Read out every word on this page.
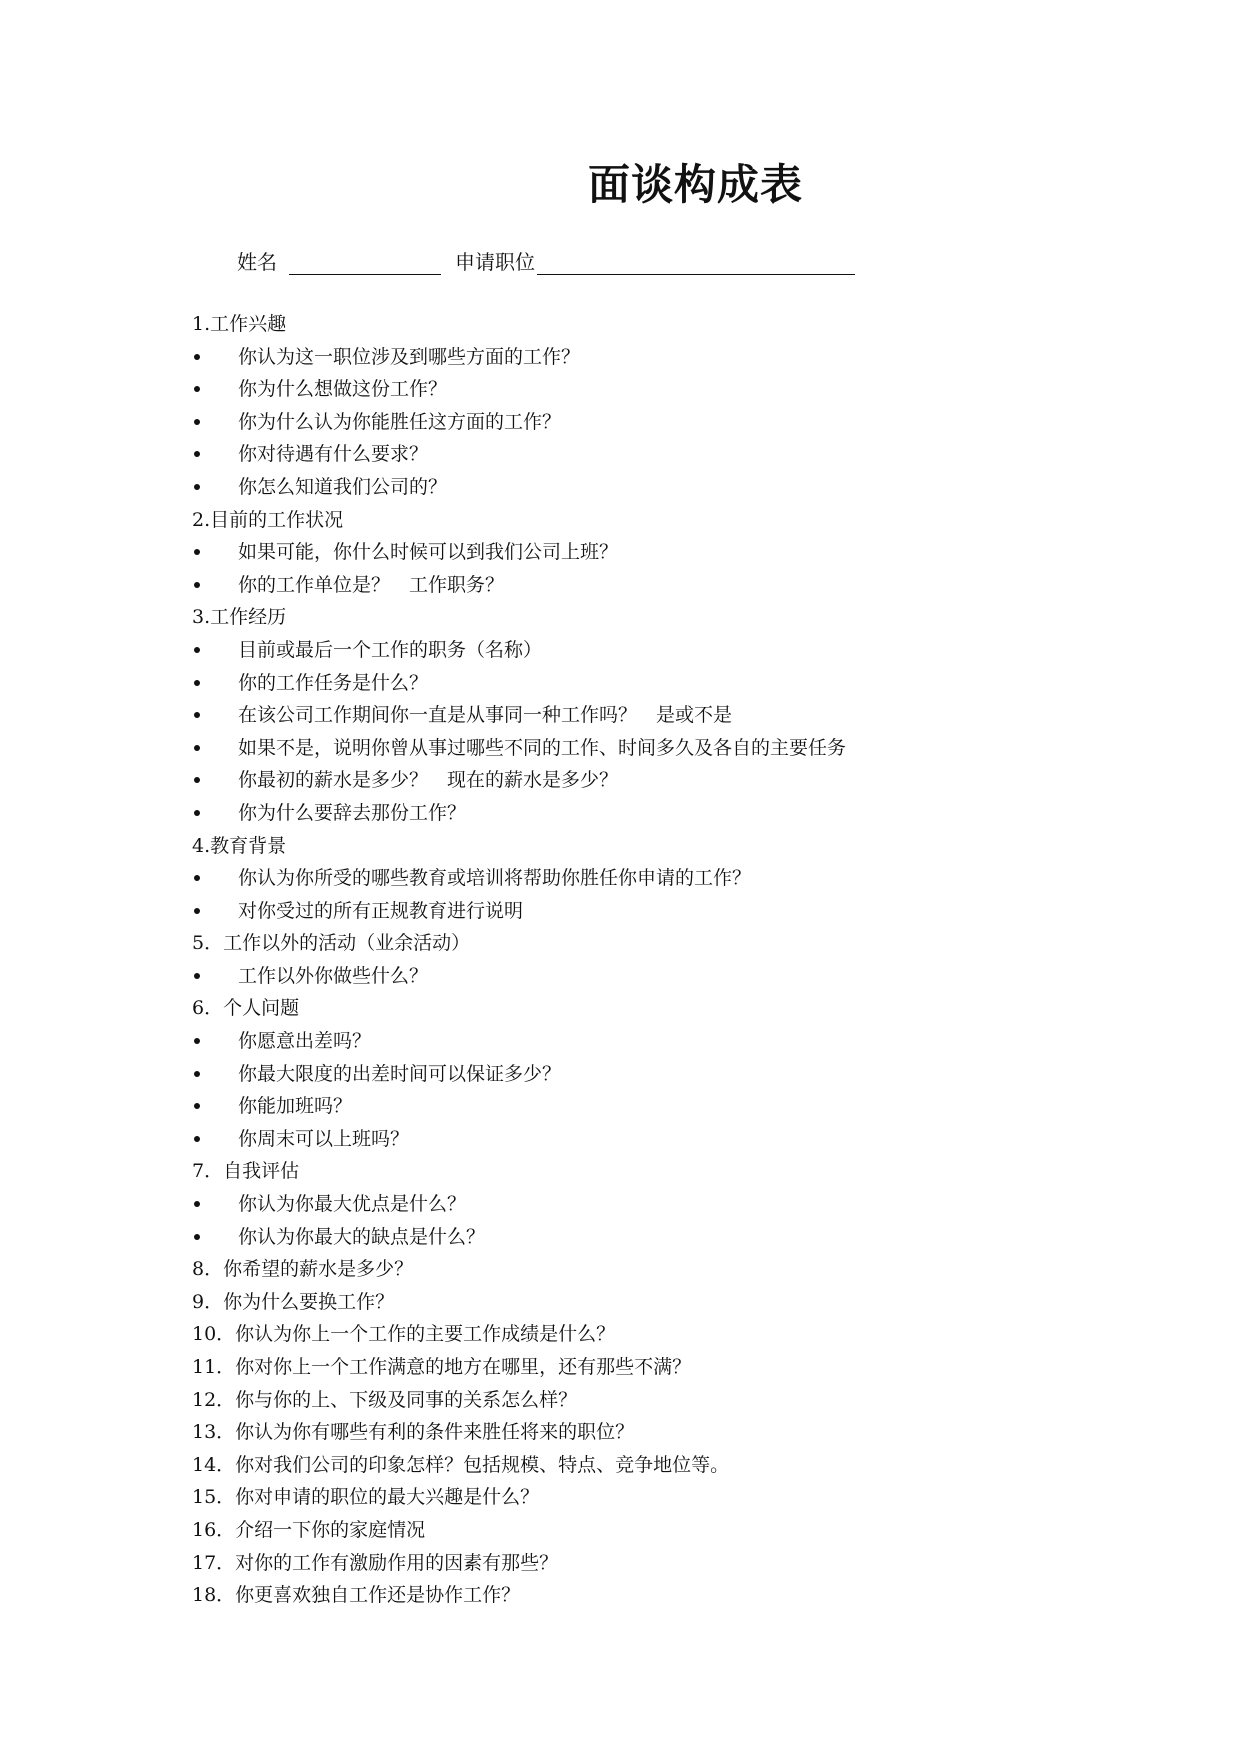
面谈构成表
姓名	申请职位
1.工作兴趣
你认为这一职位涉及到哪些方面的工作？
你为什么想做这份工作？
你为什么认为你能胜任这方面的工作？
你对待遇有什么要求？
你怎么知道我们公司的？
2.目前的工作状况
如果可能，你什么时候可以到我们公司上班？
你的工作单位是？　工作职务？
3.工作经历
目前或最后一个工作的职务（名称）
你的工作任务是什么？
在该公司工作期间你一直是从事同一种工作吗？　是或不是
如果不是，说明你曾从事过哪些不同的工作、时间多久及各自的主要任务
你最初的薪水是多少？　现在的薪水是多少？
你为什么要辞去那份工作？
4.教育背景
你认为你所受的哪些教育或培训将帮助你胜任你申请的工作？
对你受过的所有正规教育进行说明
5．工作以外的活动（业余活动）
工作以外你做些什么？
6．个人问题
你愿意出差吗？
你最大限度的出差时间可以保证多少？
你能加班吗？
你周末可以上班吗？
7．自我评估
你认为你最大优点是什么？
你认为你最大的缺点是什么？
8．你希望的薪水是多少？
9．你为什么要换工作？
10．你认为你上一个工作的主要工作成绩是什么？
11．你对你上一个工作满意的地方在哪里，还有那些不满？
12．你与你的上、下级及同事的关系怎么样？
13．你认为你有哪些有利的条件来胜任将来的职位？
14．你对我们公司的印象怎样？包括规模、特点、竞争地位等。
15．你对申请的职位的最大兴趣是什么？
16．介绍一下你的家庭情况
17．对你的工作有激励作用的因素有那些？
18．你更喜欢独自工作还是协作工作？
